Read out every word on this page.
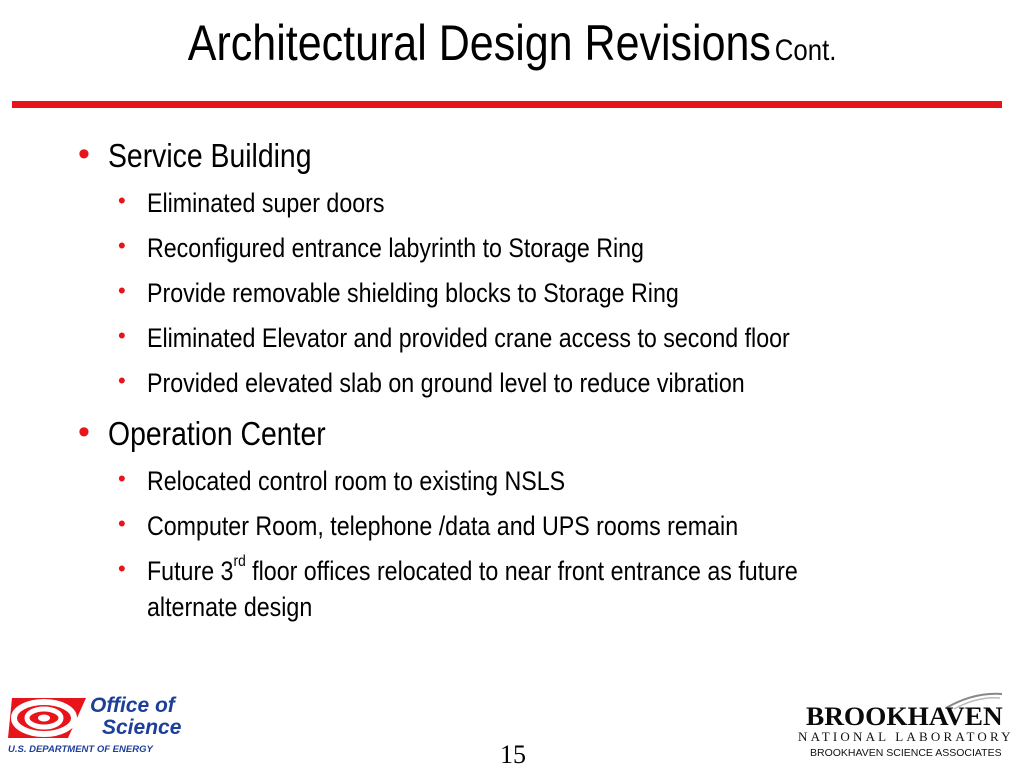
Architectural Design Revisions Cont.
• Service Building
• Eliminated super doors
• Reconfigured entrance labyrinth to Storage Ring
• Provide removable shielding blocks to Storage Ring
• Eliminated Elevator and provided crane access to second floor
• Provided elevated slab on ground level to reduce vibration
• Operation Center
• Relocated control room to existing NSLS
• Computer Room, telephone /data and UPS rooms remain
• Future 3rd floor offices relocated to near front entrance as future
alternate design
Office of
Science
U.S. DEPARTMENT OF ENERGY	15
BROOKHAVEN
NATIONAL LABORATORY
BROOKHAVEN SCIENCE ASSOCIATES
